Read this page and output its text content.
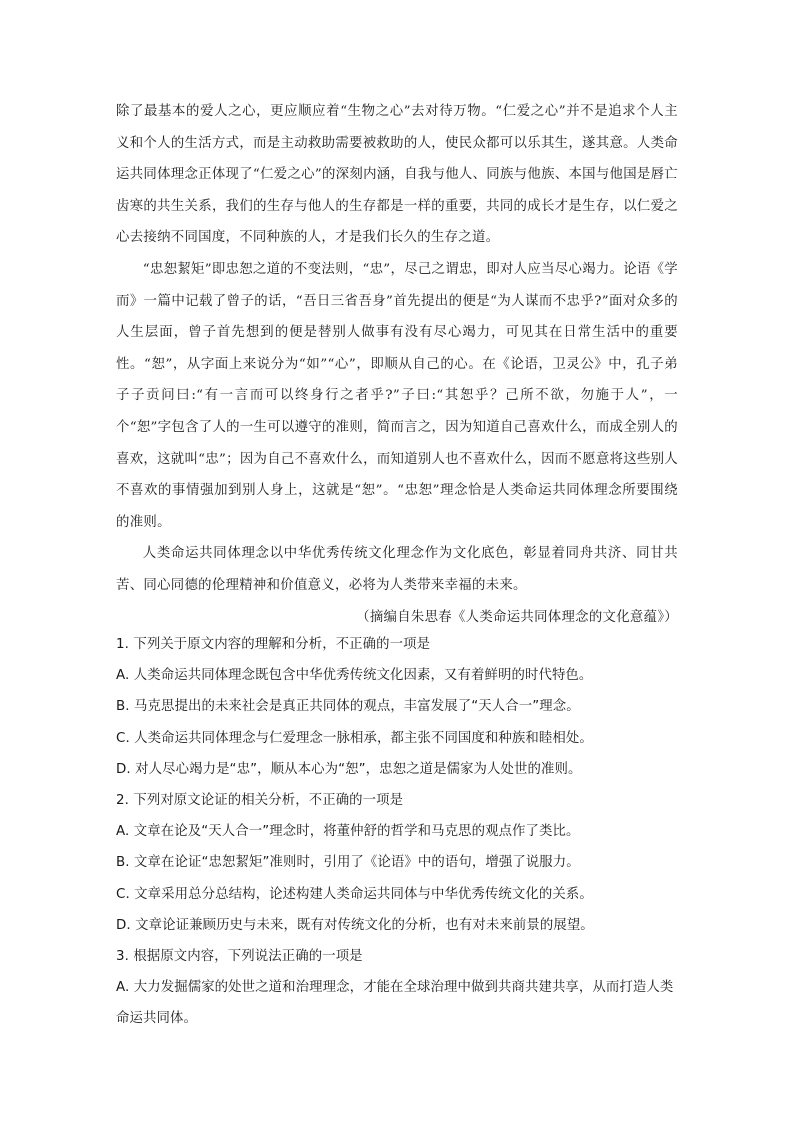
除了最基本的爱人之心，更应顺应着“生物之心”去对待万物。“仁爱之心”并不是追求个人主义和个人的生活方式，而是主动救助需要被救助的人，使民众都可以乐其生，遂其意。人类命运共同体理念正体现了“仁爱之心”的深刻内涵，自我与他人、同族与他族、本国与他国是唇亡齿寒的共生关系，我们的生存与他人的生存都是一样的重要，共同的成长才是生存，以仁爱之心去接纳不同国度，不同种族的人，才是我们长久的生存之道。

“忠恕絜矩”即忠恕之道的不变法则，“忠”，尽己之谓忠，即对人应当尽心竭力。论语《学而》一篇中记载了曾子的话，“吾日三省吾身”首先提出的便是“为人谋而不忠乎?”面对众多的人生层面，曾子首先想到的便是替别人做事有没有尽心竭力，可见其在日常生活中的重要性。“恕”，从字面上来说分为“如”“心”，即顺从自己的心。在《论语，卫灵公》中，孔子弟子子贡问曰:“有一言而可以终身行之者乎?”子曰:“其恕乎？己所不欲，勿施于人”，一个“恕”字包含了人的一生可以遵守的准则，简而言之，因为知道自己喜欢什么，而成全别人的喜欢，这就叫“忠”；因为自己不喜欢什么，而知道别人也不喜欢什么，因而不愿意将这些别人不喜欢的事情强加到别人身上，这就是“恕”。“忠恕”理念恰是人类命运共同体理念所要围绕的准则。

人类命运共同体理念以中华优秀传统文化理念作为文化底色，彰显着同舟共济、同甘共苦、同心同德的伦理精神和价值意义，必将为人类带来幸福的未来。

（摘编自朱思春《人类命运共同体理念的文化意蕴》）

1. 下列关于原文内容的理解和分析，不正确的一项是
A. 人类命运共同体理念既包含中华优秀传统文化因素，又有着鲜明的时代特色。
B. 马克思提出的未来社会是真正共同体的观点，丰富发展了“天人合一”理念。
C. 人类命运共同体理念与仁爱理念一脉相承，都主张不同国度和种族和睦相处。
D. 对人尽心竭力是“忠”，顺从本心为“恕”，忠恕之道是儒家为人处世的准则。
2. 下列对原文论证的相关分析，不正确的一项是
A. 文章在论及“天人合一”理念时，将董仲舒的哲学和马克思的观点作了类比。
B. 文章在论证“忠恕絜矩”准则时，引用了《论语》中的语句，增强了说服力。
C. 文章采用总分总结构，论述构建人类命运共同体与中华优秀传统文化的关系。
D. 文章论证兼顾历史与未来，既有对传统文化的分析，也有对未来前景的展望。
3. 根据原文内容，下列说法正确的一项是
A. 大力发掘儒家的处世之道和治理理念，才能在全球治理中做到共商共建共享，从而打造人类命运共同体。
